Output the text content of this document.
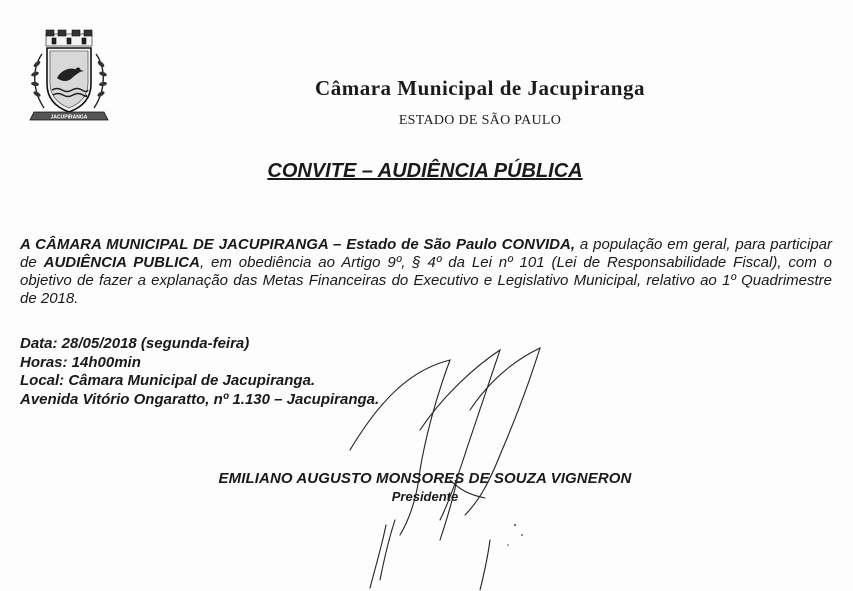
JACUPIRANGA
Câmara Municipal de Jacupiranga
ESTADO DE SÃO PAULO
CONVITE – AUDIÊNCIA PÚBLICA

A CÂMARA MUNICIPAL DE JACUPIRANGA – Estado de São Paulo CONVIDA, a população em geral, para participar de AUDIÊNCIA PUBLICA, em obediência ao Artigo 9º, § 4º da Lei nº 101 (Lei de Responsabilidade Fiscal), com o objetivo de fazer a explanação das Metas Financeiras do Executivo e Legislativo Municipal, relativo ao 1º Quadrimestre de 2018.

Data: 28/05/2018 (segunda-feira)
Horas: 14h00min
Local: Câmara Municipal de Jacupiranga.
Avenida Vitório Ongaratto, nº 1.130 – Jacupiranga.
EMILIANO AUGUSTO MONSORES DE SOUZA VIGNERON
Presidente
